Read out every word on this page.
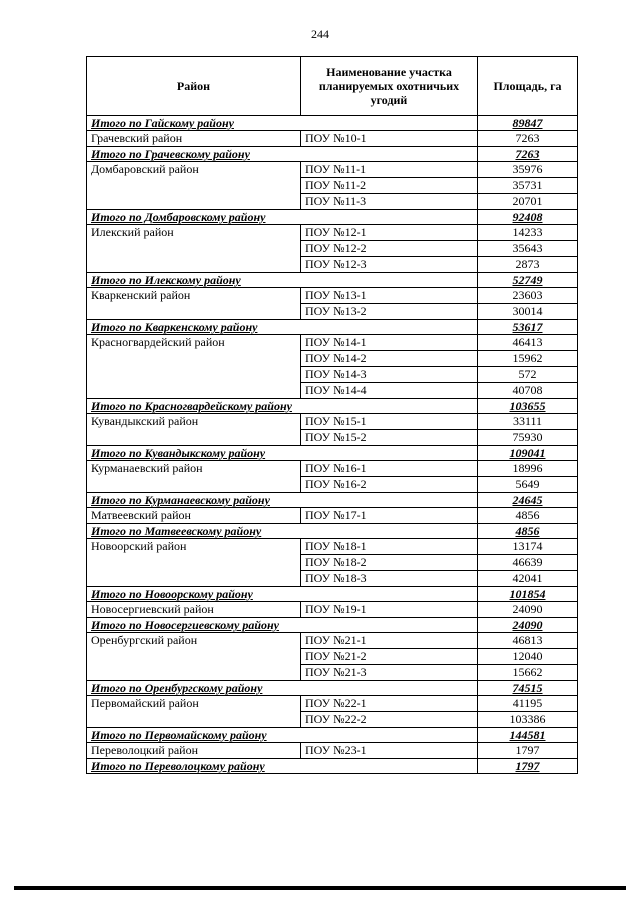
244
Район	Наименование участка планируемых охотничьих угодий	Площадь, га
Итого по Гайскому району		89847
Грачевский район	ПОУ №10-1	7263
Итого по Грачевскому району		7263
Домбаровский район	ПОУ №11-1	35976
	ПОУ №11-2	35731
	ПОУ №11-3	20701
Итого по Домбаровскому району		92408
Илекский район	ПОУ №12-1	14233
	ПОУ №12-2	35643
	ПОУ №12-3	2873
Итого по Илекскому району		52749
Кваркенский район	ПОУ №13-1	23603
	ПОУ №13-2	30014
Итого по Кваркенскому району		53617
Красногвардейский район	ПОУ №14-1	46413
	ПОУ №14-2	15962
	ПОУ №14-3	572
	ПОУ №14-4	40708
Итого по Красногвардейскому району		103655
Кувандыкский район	ПОУ №15-1	33111
	ПОУ №15-2	75930
Итого по Кувандыкскому району		109041
Курманаевский район	ПОУ №16-1	18996
	ПОУ №16-2	5649
Итого по Курманаевскому району		24645
Матвеевский район	ПОУ №17-1	4856
Итого по Матвеевскому району		4856
Новоорский район	ПОУ №18-1	13174
	ПОУ №18-2	46639
	ПОУ №18-3	42041
Итого по Новоорскому району		101854
Новосергиевский район	ПОУ №19-1	24090
Итого по Новосергиевскому району		24090
Оренбургский район	ПОУ №21-1	46813
	ПОУ №21-2	12040
	ПОУ №21-3	15662
Итого по Оренбургскому району		74515
Первомайский район	ПОУ №22-1	41195
	ПОУ №22-2	103386
Итого по Первомайскому району		144581
Переволоцкий район	ПОУ №23-1	1797
Итого по Переволоцкому району		1797
